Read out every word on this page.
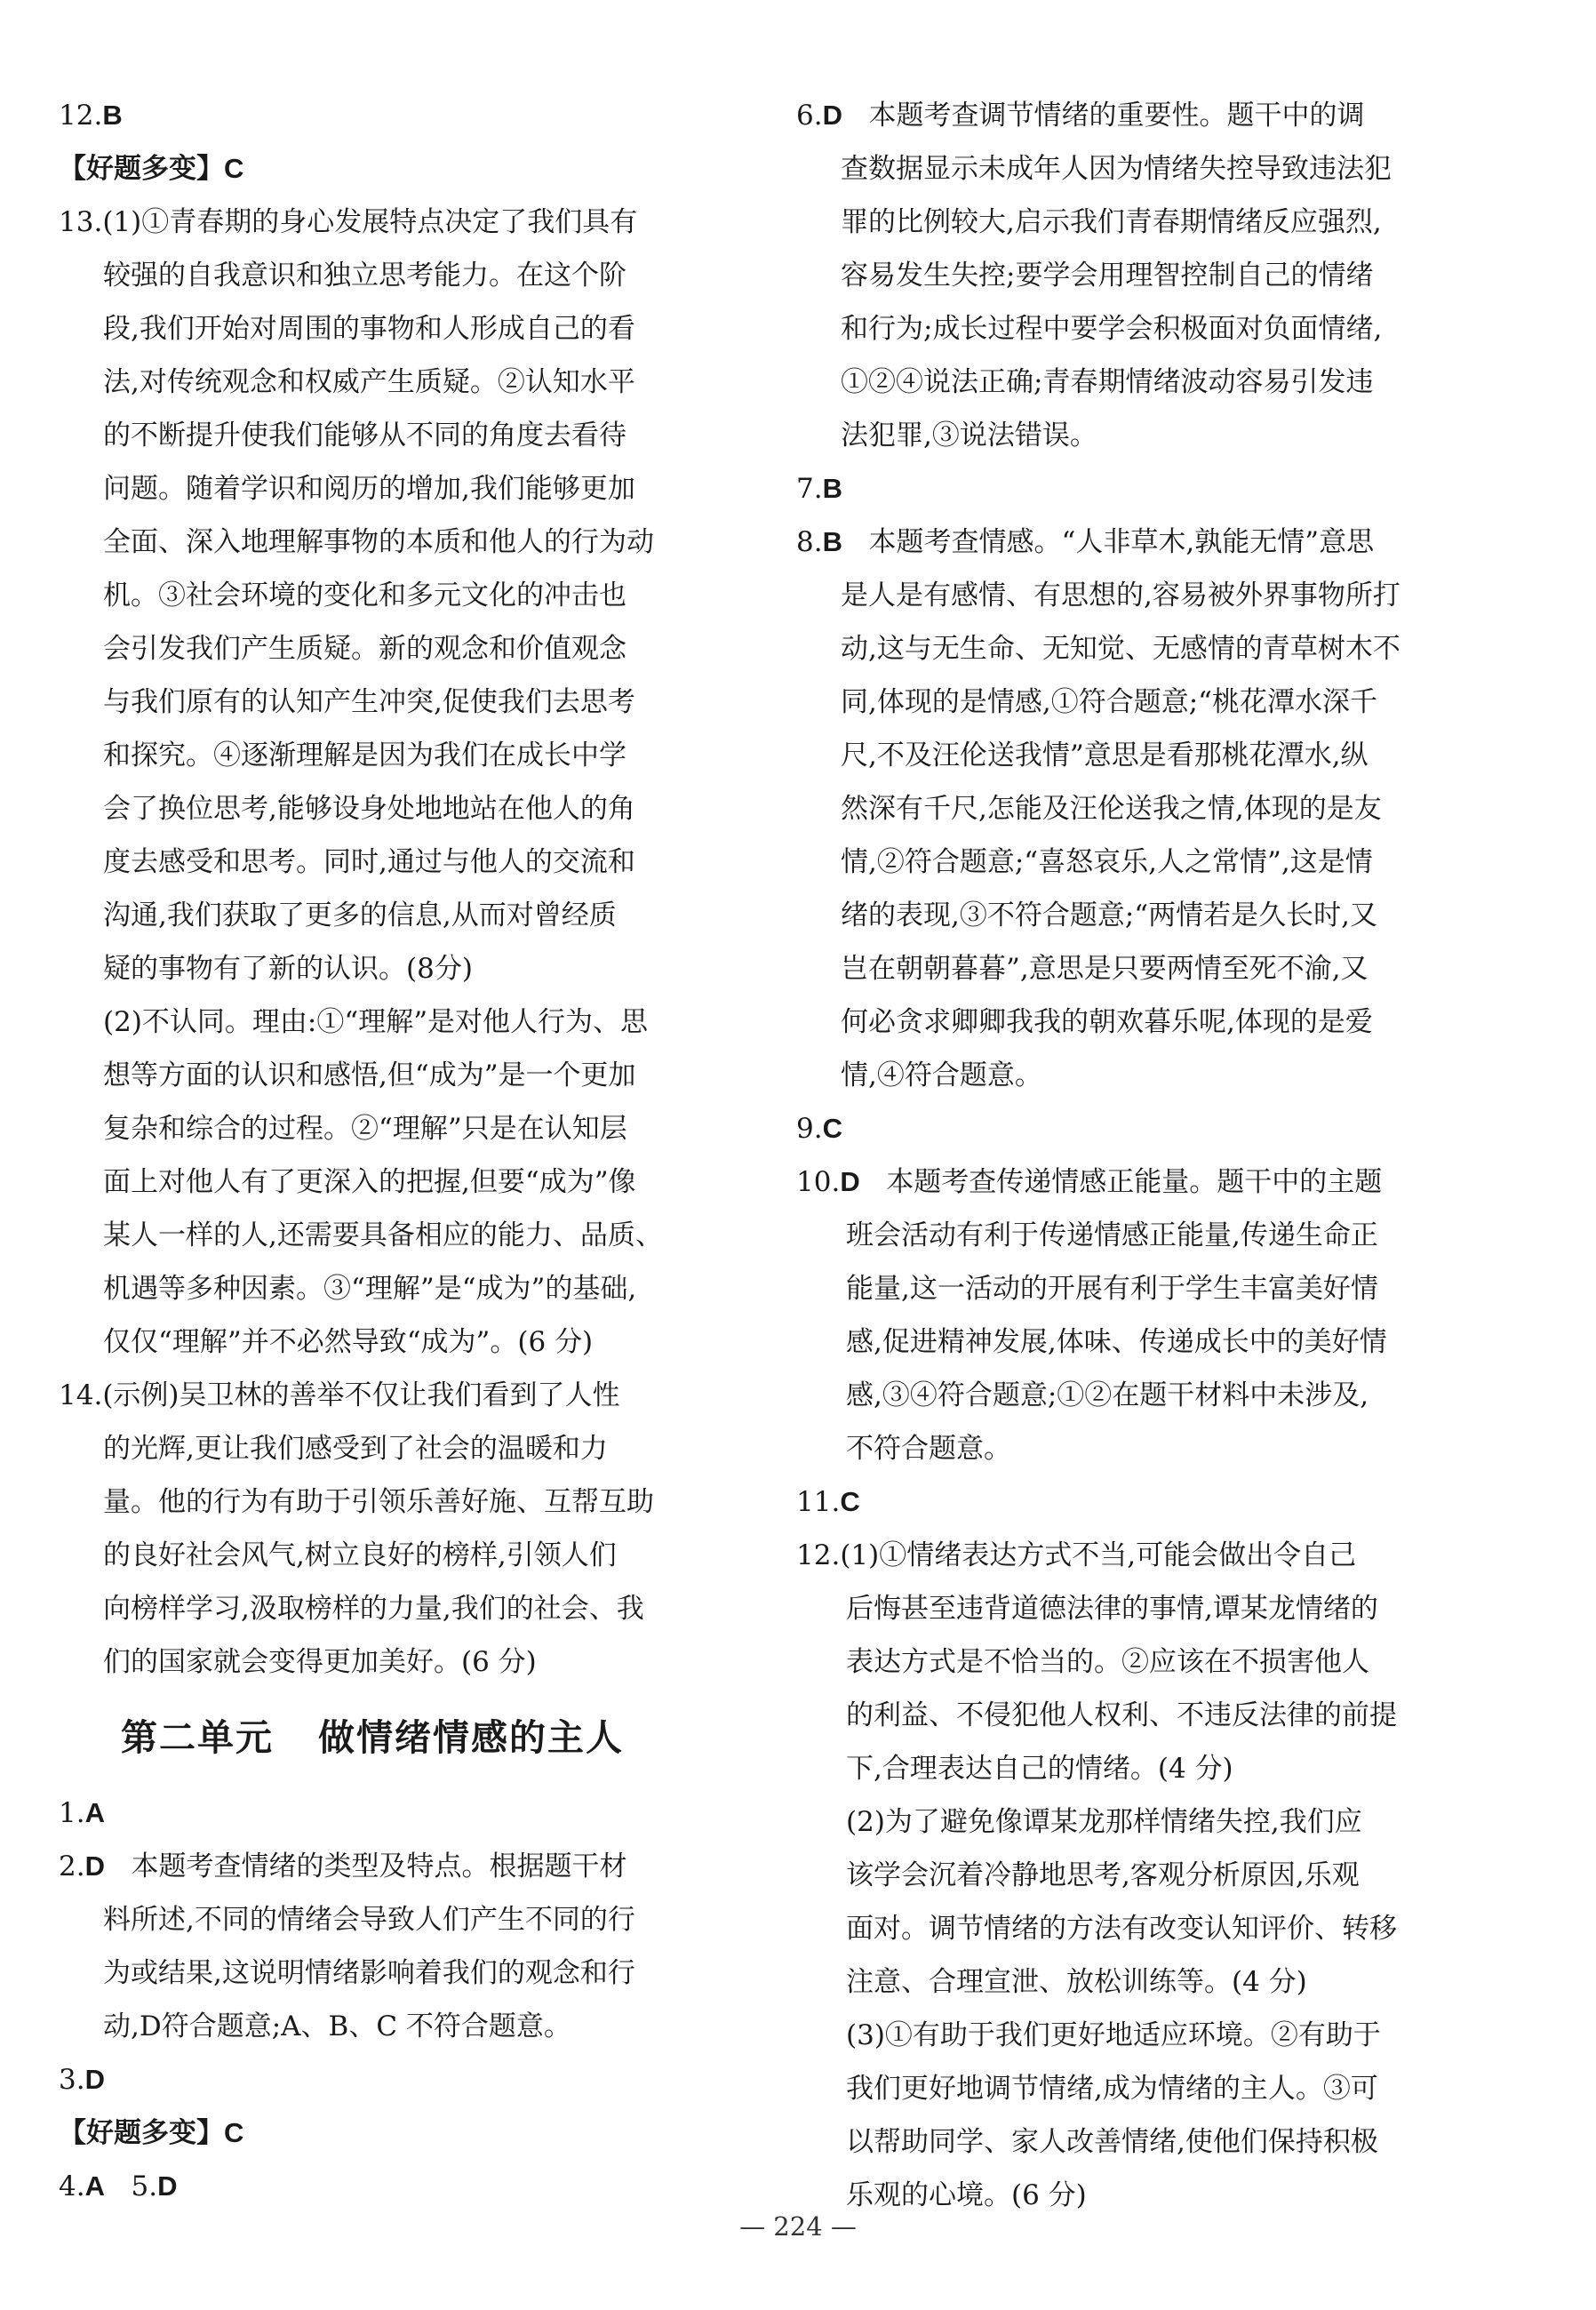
12.B
【好题多变】C
13.(1)①青春期的身心发展特点决定了我们具有
较强的自我意识和独立思考能力。在这个阶
段,我们开始对周围的事物和人形成自己的看
法,对传统观念和权威产生质疑。②认知水平
的不断提升使我们能够从不同的角度去看待
问题。随着学识和阅历的增加,我们能够更加
全面、深入地理解事物的本质和他人的行为动
机。③社会环境的变化和多元文化的冲击也
会引发我们产生质疑。新的观念和价值观念
与我们原有的认知产生冲突,促使我们去思考
和探究。④逐渐理解是因为我们在成长中学
会了换位思考,能够设身处地地站在他人的角
度去感受和思考。同时,通过与他人的交流和
沟通,我们获取了更多的信息,从而对曾经质
疑的事物有了新的认识。(8分)
(2)不认同。理由:①“理解”是对他人行为、思
想等方面的认识和感悟,但“成为”是一个更加
复杂和综合的过程。②“理解”只是在认知层
面上对他人有了更深入的把握,但要“成为”像
某人一样的人,还需要具备相应的能力、品质、
机遇等多种因素。③“理解”是“成为”的基础,
仅仅“理解”并不必然导致“成为”。(6 分)
14.(示例)吴卫林的善举不仅让我们看到了人性
的光辉,更让我们感受到了社会的温暖和力
量。他的行为有助于引领乐善好施、互帮互助
的良好社会风气,树立良好的榜样,引领人们
向榜样学习,汲取榜样的力量,我们的社会、我
们的国家就会变得更加美好。(6 分)
第二单元 做情绪情感的主人
1.A
2.D 本题考查情绪的类型及特点。根据题干材
料所述,不同的情绪会导致人们产生不同的行
为或结果,这说明情绪影响着我们的观念和行
动,D符合题意;A、B、C 不符合题意。
3.D
【好题多变】C
4.A 5.D
6.D 本题考查调节情绪的重要性。题干中的调
查数据显示未成年人因为情绪失控导致违法犯
罪的比例较大,启示我们青春期情绪反应强烈,
容易发生失控;要学会用理智控制自己的情绪
和行为;成长过程中要学会积极面对负面情绪,
①②④说法正确;青春期情绪波动容易引发违
法犯罪,③说法错误。
7.B
8.B 本题考查情感。“人非草木,孰能无情”意思
是人是有感情、有思想的,容易被外界事物所打
动,这与无生命、无知觉、无感情的青草树木不
同,体现的是情感,①符合题意;“桃花潭水深千
尺,不及汪伦送我情”意思是看那桃花潭水,纵
然深有千尺,怎能及汪伦送我之情,体现的是友
情,②符合题意;“喜怒哀乐,人之常情”,这是情
绪的表现,③不符合题意;“两情若是久长时,又
岂在朝朝暮暮”,意思是只要两情至死不渝,又
何必贪求卿卿我我的朝欢暮乐呢,体现的是爱
情,④符合题意。
9.C
10.D 本题考查传递情感正能量。题干中的主题
班会活动有利于传递情感正能量,传递生命正
能量,这一活动的开展有利于学生丰富美好情
感,促进精神发展,体味、传递成长中的美好情
感,③④符合题意;①②在题干材料中未涉及,
不符合题意。
11.C
12.(1)①情绪表达方式不当,可能会做出令自己
后悔甚至违背道德法律的事情,谭某龙情绪的
表达方式是不恰当的。②应该在不损害他人
的利益、不侵犯他人权利、不违反法律的前提
下,合理表达自己的情绪。(4 分)
(2)为了避免像谭某龙那样情绪失控,我们应
该学会沉着冷静地思考,客观分析原因,乐观
面对。调节情绪的方法有改变认知评价、转移
注意、合理宣泄、放松训练等。(4 分)
(3)①有助于我们更好地适应环境。②有助于
我们更好地调节情绪,成为情绪的主人。③可
以帮助同学、家人改善情绪,使他们保持积极
乐观的心境。(6 分)
— 224 —
